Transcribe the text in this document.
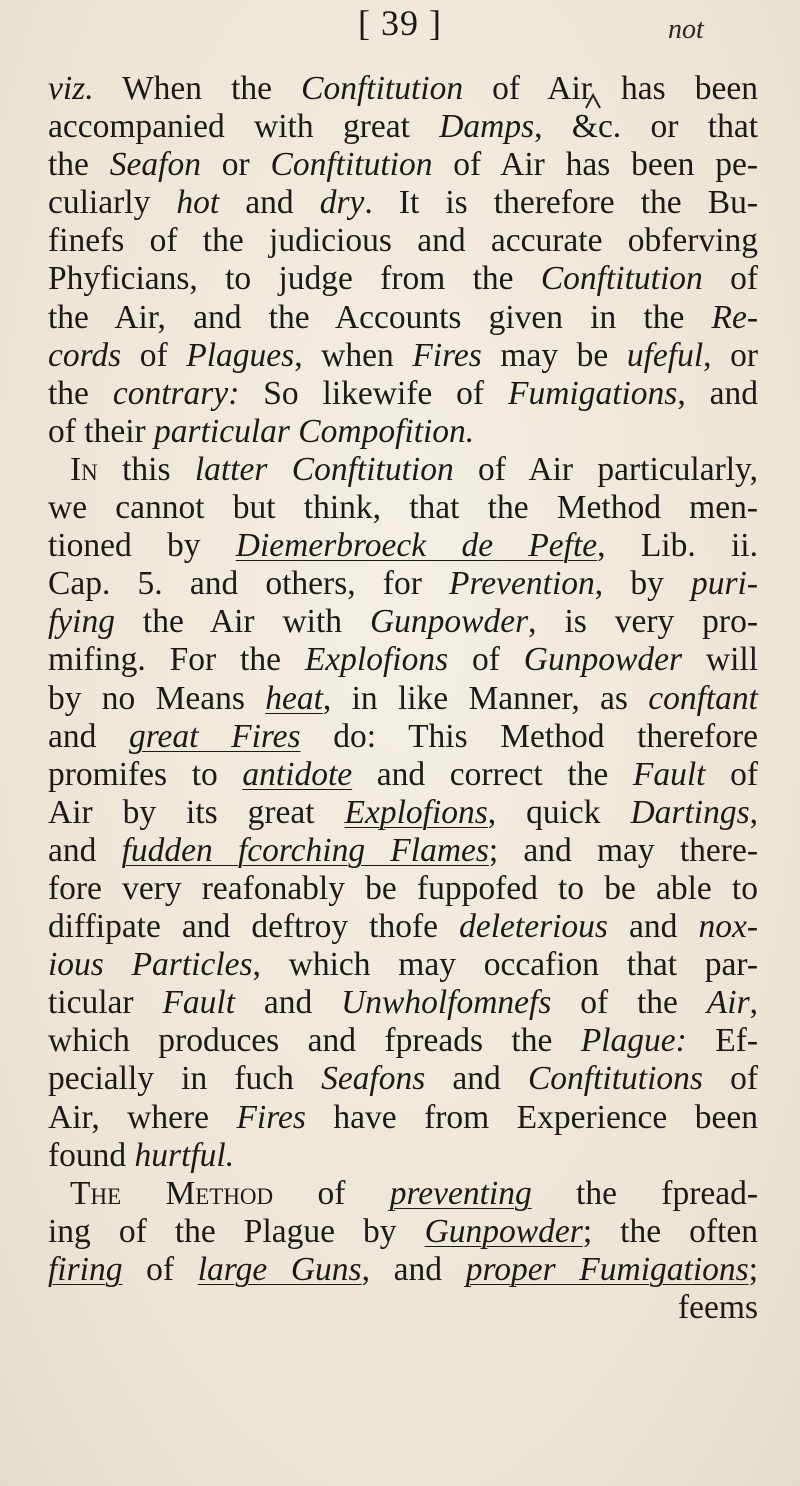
[ 39 ]	not
viz. When the Conftitution of Air has been
accompanied with great Damps, &c. or that
the Seafon or Conftitution of Air has been pe-
culiarly hot and dry. It is therefore the Bu-
finefs of the judicious and accurate obferving
Phyficians, to judge from the Conftitution of
the Air, and the Accounts given in the Re-
cords of Plagues, when Fires may be ufeful, or
the contrary: So likewife of Fumigations, and
of their particular Compofition.
In this latter Conftitution of Air particularly,
we cannot but think, that the Method men-
tioned by Diemerbroeck de Pefte, Lib. ii.
Cap. 5. and others, for Prevention, by puri-
fying the Air with Gunpowder, is very pro-
mifing. For the Explofions of Gunpowder will
by no Means heat, in like Manner, as conftant
and great Fires do: This Method therefore
promifes to antidote and correct the Fault of
Air by its great Explofions, quick Dartings,
and fudden fcorching Flames; and may there-
fore very reafonably be fuppofed to be able to
diffipate and deftroy thofe deleterious and nox-
ious Particles, which may occafion that par-
ticular Fault and Unwholfomnefs of the Air,
which produces and fpreads the Plague: Ef-
pecially in fuch Seafons and Conftitutions of
Air, where Fires have from Experience been
found hurtful.
The Method of preventing the fpread-
ing of the Plague by Gunpowder; the often
firing of large Guns, and proper Fumigations;
feems
